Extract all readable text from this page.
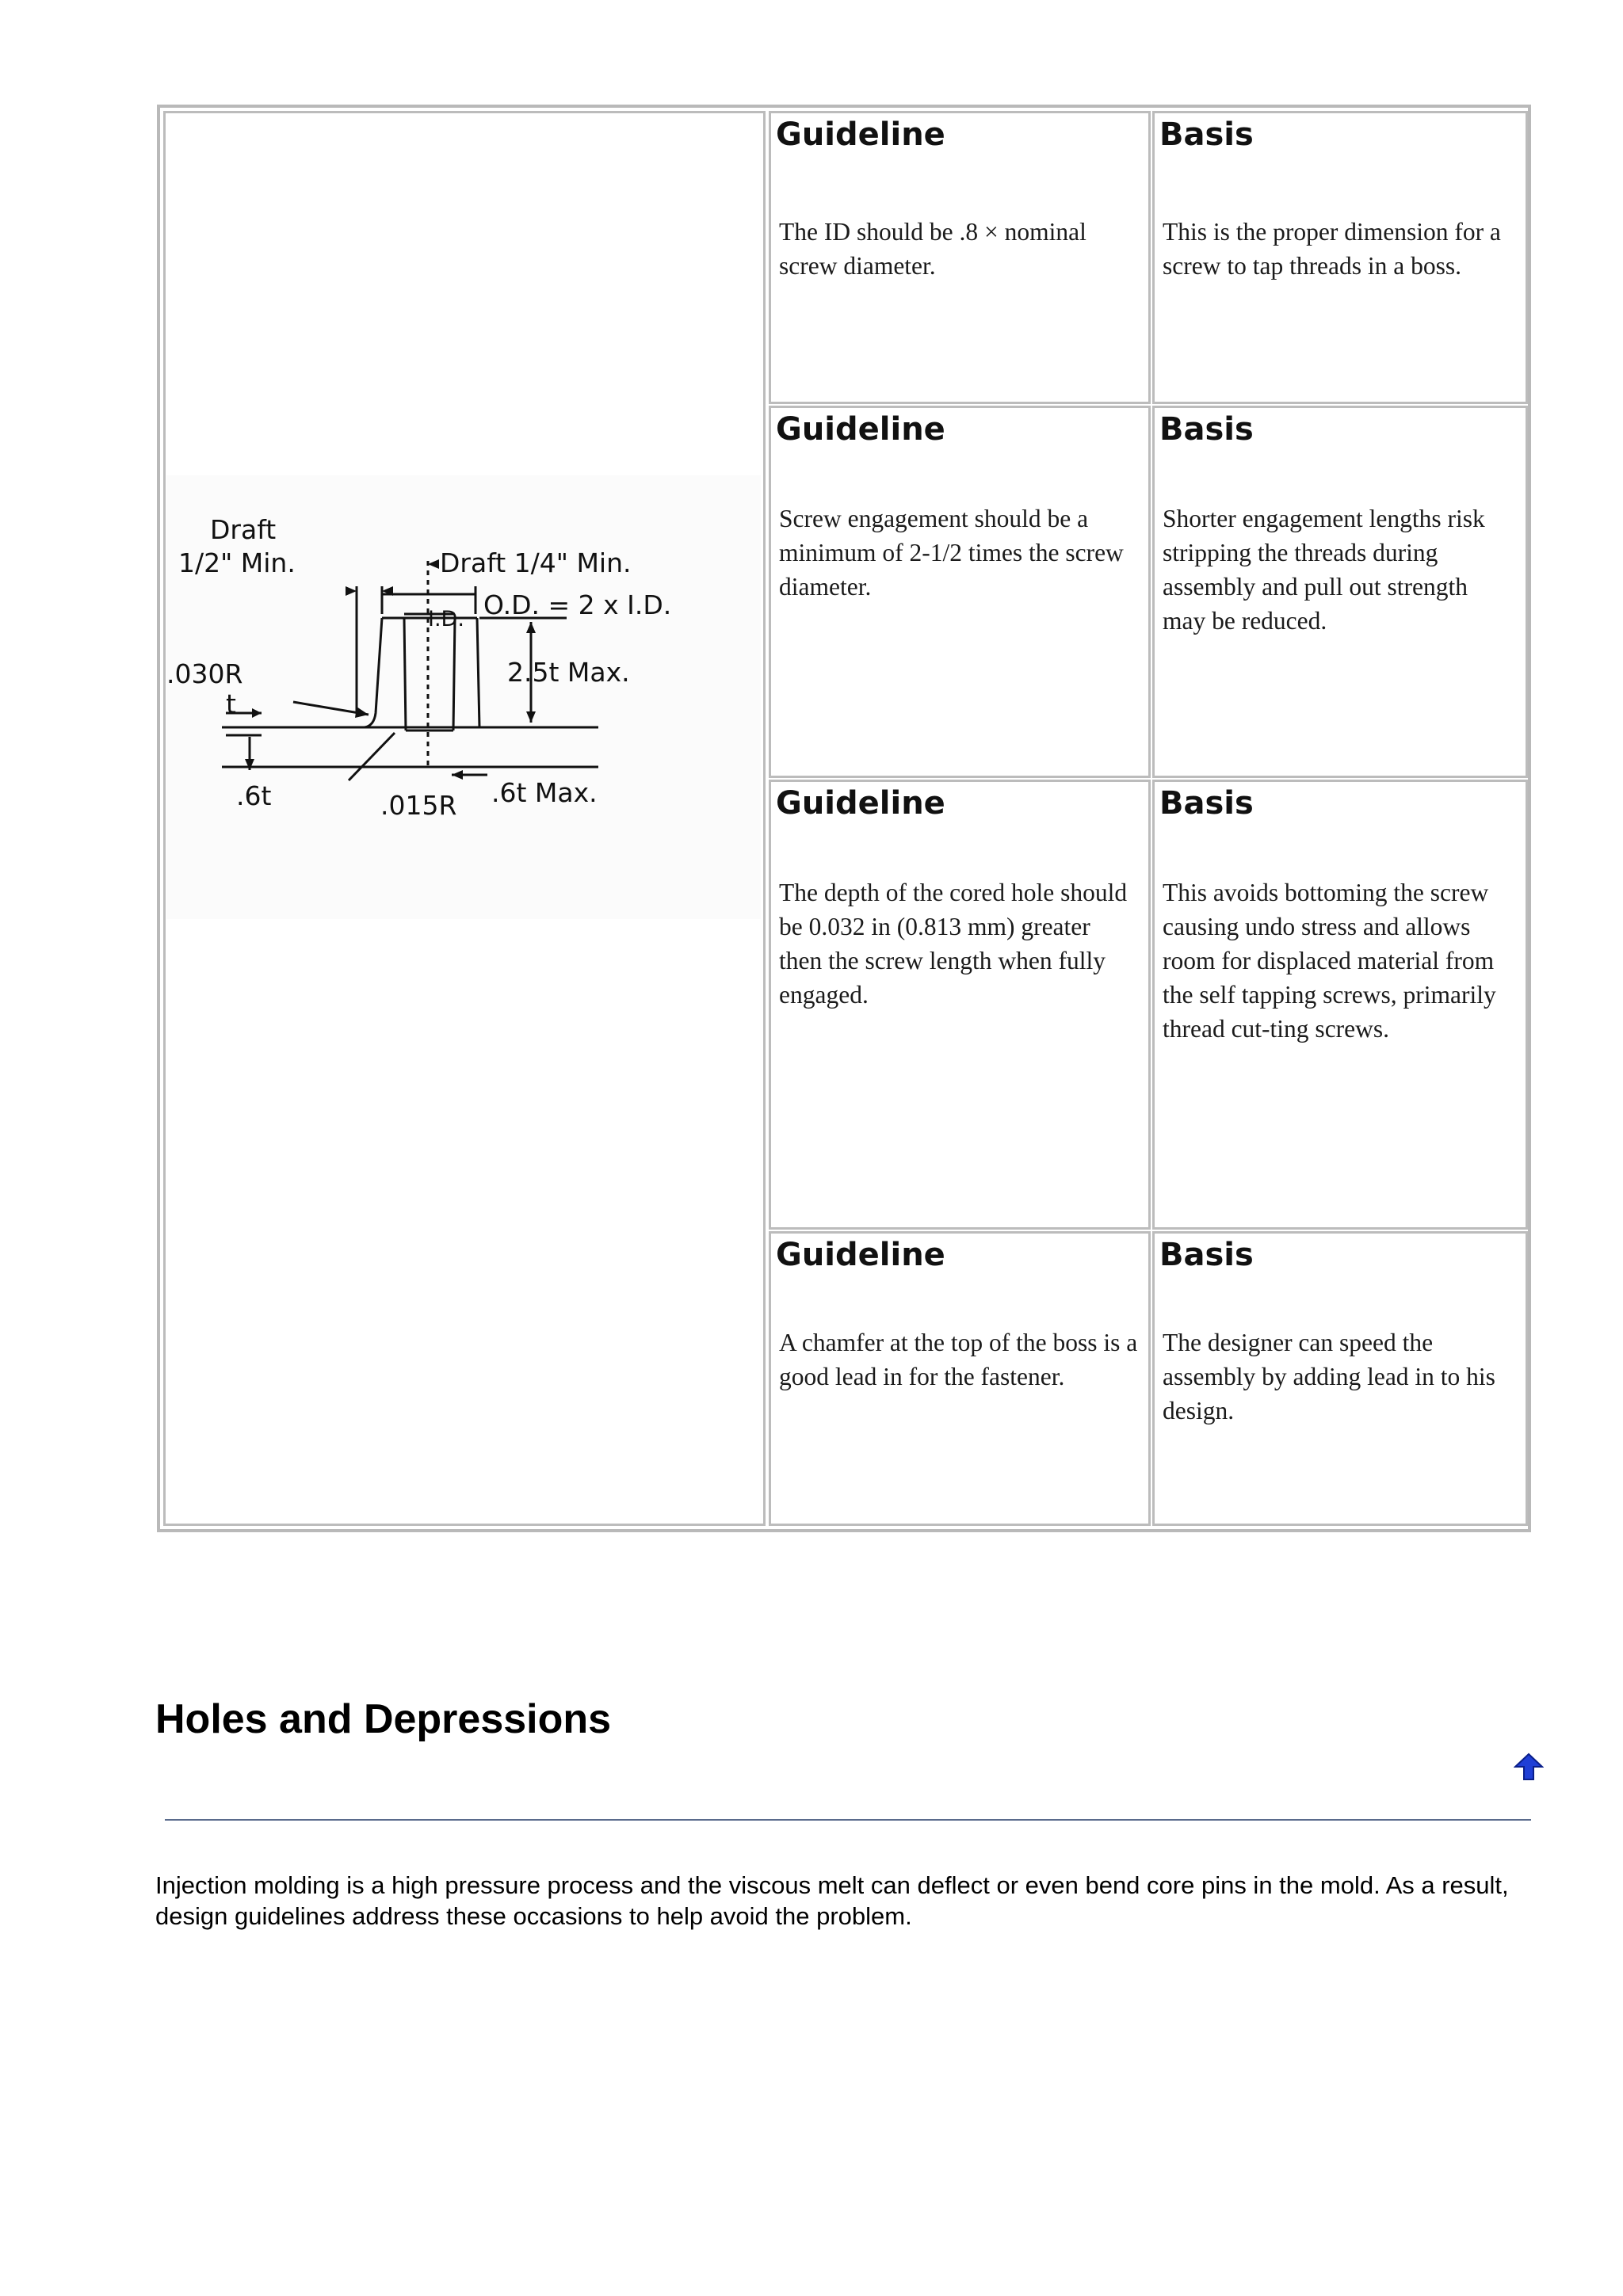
Guideline
The ID should be .8 × nominal screw diameter.
Basis
This is the proper dimension for a screw to tap threads in a boss.
Guideline
Screw engagement should be a minimum of 2-1/2 times the screw diameter.
Basis
Shorter engagement lengths risk stripping the threads during assembly and pull out strength may be reduced.
Guideline
The depth of the cored hole should be 0.032 in (0.813 mm) greater then the screw length when fully engaged.
Basis
This avoids bottoming the screw causing undo stress and allows room for displaced material from the self tapping screws, primarily thread cut-ting screws.
Guideline
A chamfer at the top of the boss is a good lead in for the fastener.
Basis
The designer can speed the assembly by adding lead in to his design.
Draft
1/2" Min.	Draft 1/4" Min.
O.D. = 2 x I.D.
I.D.
.030R
t
2.5t Max.
.6t	.015R .6t Max.
Holes and Depressions

Injection molding is a high pressure process and the viscous melt can deflect or even bend core pins in the mold. As a result, design guidelines address these occasions to help avoid the problem.
